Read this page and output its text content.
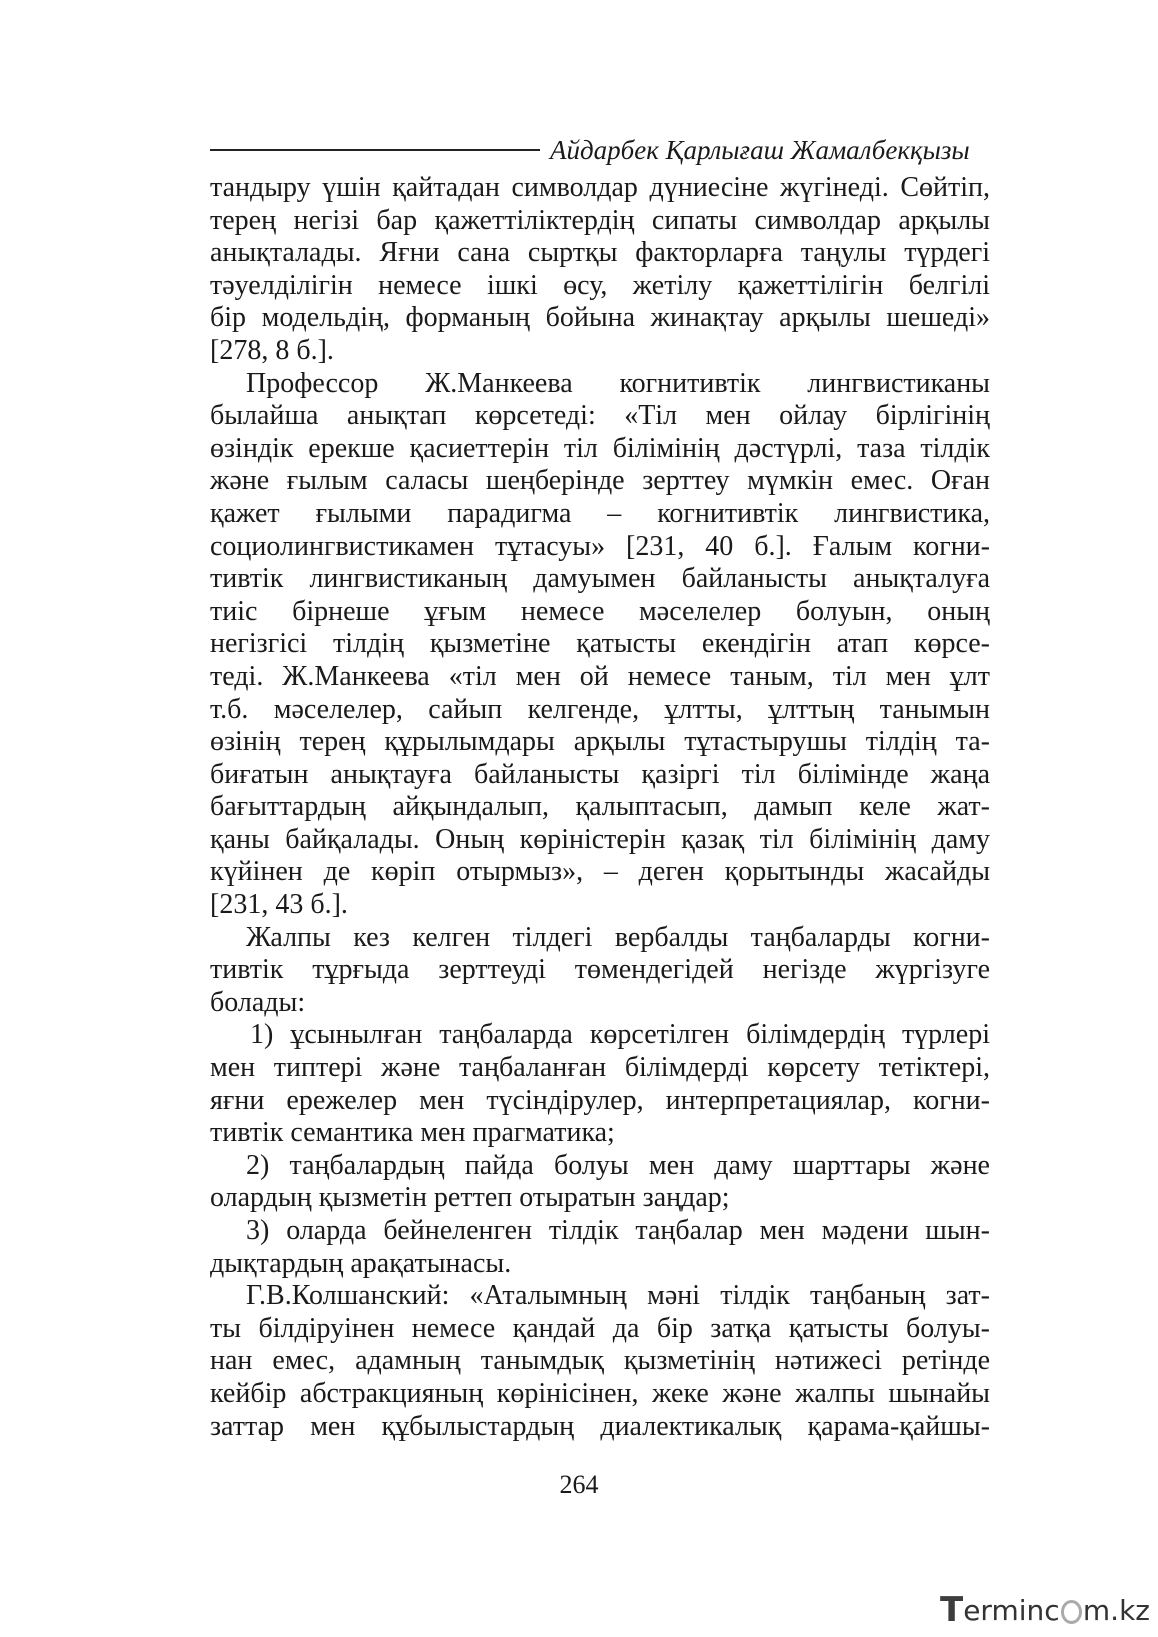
Айдарбек Қарлығаш Жамалбекқызы

тандыру үшін қайтадан символдар дүниесіне жүгінеді. Сөйтіп,

терең негізі бар қажеттіліктердің сипаты символдар арқылы

анықталады. Яғни сана сыртқы факторларға таңулы түрдегі

тәуелділігін немесе ішкі өсу, жетілу қажеттілігін белгілі

бір модельдің, форманың бойына жинақтау арқылы шешеді»

[278, 8 б.].

Профессор Ж.Манкеева когнитивтік лингвистиканы

былайша анықтап көрсетеді: «Тіл мен ойлау бірлігінің

өзіндік ерекше қасиеттерін тіл білімінің дәстүрлі, таза тілдік

және ғылым саласы шеңберінде зерттеу мүмкін емес. Оған

қажет ғылыми парадигма – когнитивтік лингвистика,

социолингвистикамен тұтасуы» [231, 40 б.]. Ғалым когни-

тивтік лингвистиканың дамуымен байланысты анықталуға

тиіс бірнеше ұғым немесе мәселелер болуын, оның

негізгісі тілдің қызметіне қатысты екендігін атап көрсе-

теді. Ж.Манкеева «тіл мен ой немесе таным, тіл мен ұлт

т.б. мәселелер, сайып келгенде, ұлтты, ұлттың танымын

өзінің терең құрылымдары арқылы тұтастырушы тілдің та-

биғатын анықтауға байланысты қазіргі тіл білімінде жаңа

бағыттардың айқындалып, қалыптасып, дамып келе жат-

қаны байқалады. Оның көріністерін қазақ тіл білімінің даму

күйінен де көріп отырмыз», – деген қорытынды жасайды

[231, 43 б.].

Жалпы кез келген тілдегі вербалды таңбаларды когни-

тивтік тұрғыда зерттеуді төмендегідей негізде жүргізуге

болады:

1) ұсынылған таңбаларда көрсетілген білімдердің түрлері

мен типтері және таңбаланған білімдерді көрсету тетіктері,

яғни ережелер мен түсіндірулер, интерпретациялар, когни-

тивтік семантика мен прагматика;

2) таңбалардың пайда болуы мен даму шарттары және

олардың қызметін реттеп отыратын заңдар;

3) оларда бейнеленген тілдік таңбалар мен мәдени шын-

дықтардың арақатынасы.

Г.В.Колшанский: «Аталымның мәні тілдік таңбаның зат-

ты білдіруінен немесе қандай да бір затқа қатысты болуы-

нан емес, адамның танымдық қызметінің нәтижесі ретінде

кейбір абстракцияның көрінісінен, жеке және жалпы шынайы

заттар мен құбылыстардың диалектикалық қарама-қайшы-

264
T erminc m.kz
